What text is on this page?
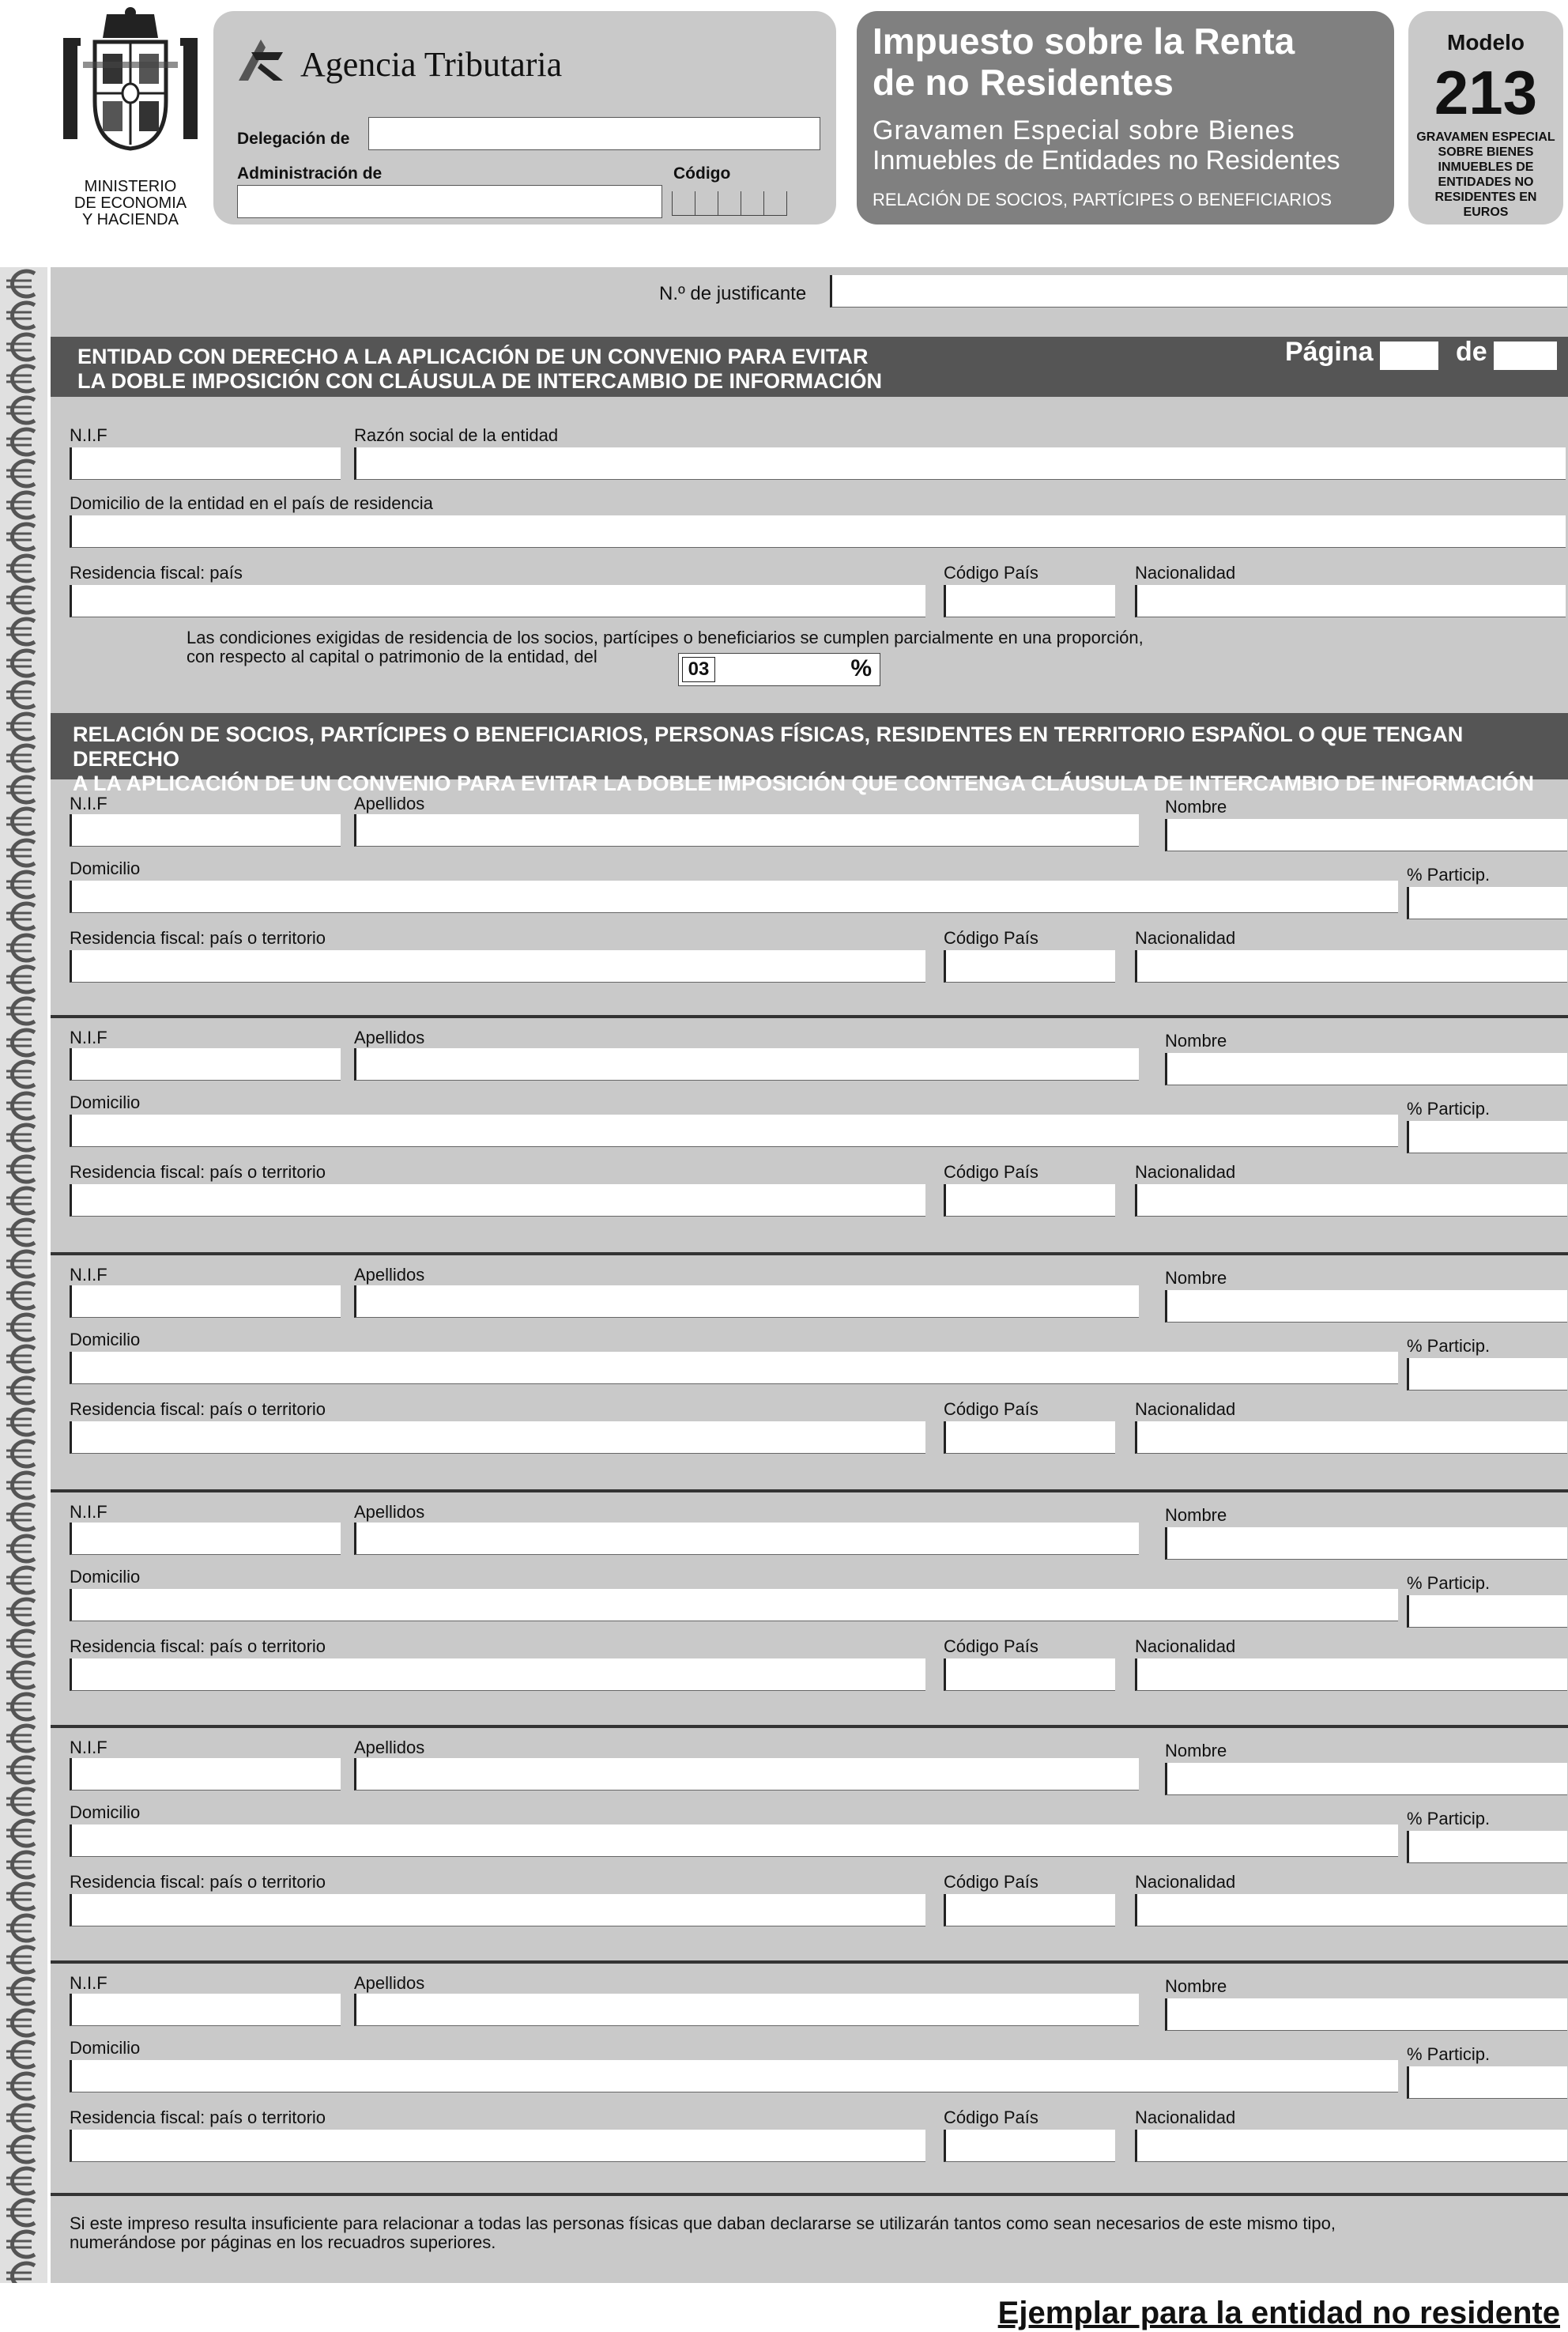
MINISTERIO
DE ECONOMIA
Y HACIENDA
Agencia Tributaria
Delegación de
Administración de	Código
Impuesto sobre la Renta
de no Residentes
Gravamen Especial sobre Bienes
Inmuebles de Entidades no Residentes
RELACIÓN DE SOCIOS, PARTÍCIPES O BENEFICIARIOS
Modelo
213
GRAVAMEN ESPECIAL
SOBRE BIENES
INMUEBLES DE
ENTIDADES NO
RESIDENTES EN EUROS
N.º de justificante
ENTIDAD CON DERECHO A LA APLICACIÓN DE UN CONVENIO PARA EVITAR
LA DOBLE IMPOSICIÓN CON CLÁUSULA DE INTERCAMBIO DE INFORMACIÓN
Página	de
N.I.F	Razón social de la entidad
Domicilio de la entidad en el país de residencia
Residencia fiscal: país	Código País	Nacionalidad
Las condiciones exigidas de residencia de los socios, partícipes o beneficiarios se cumplen parcialmente en una proporción,
con respecto al capital o patrimonio de la entidad, del
03	%
RELACIÓN DE SOCIOS, PARTÍCIPES O BENEFICIARIOS, PERSONAS FÍSICAS, RESIDENTES EN TERRITORIO ESPAÑOL O QUE TENGAN DERECHO
A LA APLICACIÓN DE UN CONVENIO PARA EVITAR LA DOBLE IMPOSICIÓN QUE CONTENGA CLÁUSULA DE INTERCAMBIO DE INFORMACIÓN
N.I.F	Apellidos	Nombre
Domicilio	% Particip.
Residencia fiscal: país o territorio	Código País	Nacionalidad
N.I.F	Apellidos	Nombre
Domicilio	% Particip.
Residencia fiscal: país o territorio	Código País	Nacionalidad
N.I.F	Apellidos	Nombre
Domicilio	% Particip.
Residencia fiscal: país o territorio	Código País	Nacionalidad
N.I.F	Apellidos	Nombre
Domicilio	% Particip.
Residencia fiscal: país o territorio	Código País	Nacionalidad
N.I.F	Apellidos	Nombre
Domicilio	% Particip.
Residencia fiscal: país o territorio	Código País	Nacionalidad
N.I.F	Apellidos	Nombre
Domicilio	% Particip.
Residencia fiscal: país o territorio	Código País	Nacionalidad
Si este impreso resulta insuficiente para relacionar a todas las personas físicas que daban declararse se utilizarán tantos como sean necesarios de este mismo tipo,
numerándose por páginas en los recuadros superiores.
Ejemplar para la entidad no residente
